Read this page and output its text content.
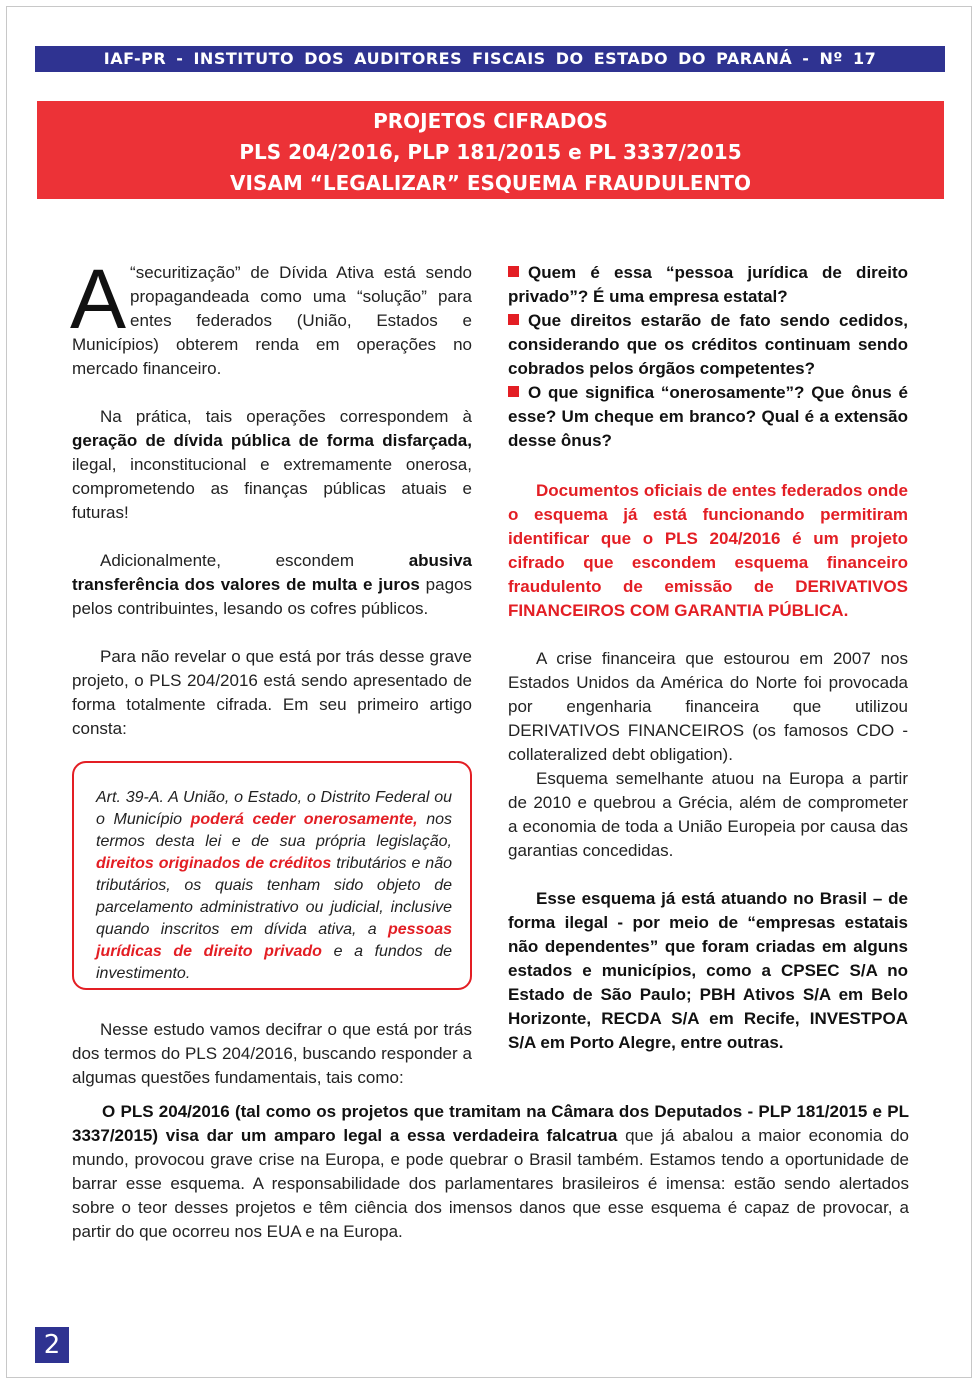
IAF-PR - INSTITUTO DOS AUDITORES FISCAIS DO ESTADO DO PARANÁ - Nº 17
PROJETOS CIFRADOS
PLS 204/2016, PLP 181/2015 e PL 3337/2015
VISAM “LEGALIZAR” ESQUEMA FRAUDULENTO

A “securitização” de Dívida Ativa está sendo propagandeada como uma “solução” para entes federados (União, Estados e Municípios) obterem renda em operações no mercado financeiro.

Na prática, tais operações correspondem à geração de dívida pública de forma disfarçada, ilegal, inconstitucional e extremamente onerosa, comprometendo as finanças públicas atuais e futuras!

Adicionalmente, escondem abusiva transferência dos valores de multa e juros pagos pelos contribuintes, lesando os cofres públicos.

Para não revelar o que está por trás desse grave projeto, o PLS 204/2016 está sendo apresentado de forma totalmente cifrada. Em seu primeiro artigo consta:

Art. 39-A. A União, o Estado, o Distrito Federal ou o Município poderá ceder onerosamente, nos termos desta lei e de sua própria legislação, direitos originados de créditos tributários e não tributários, os quais tenham sido objeto de parcelamento administrativo ou judicial, inclusive quando inscritos em dívida ativa, a pessoas jurídicas de direito privado e a fundos de investimento.

Nesse estudo vamos decifrar o que está por trás dos termos do PLS 204/2016, buscando responder a algumas questões fundamentais, tais como:

Quem é essa “pessoa jurídica de direito privado”? É uma empresa estatal?

Que direitos estarão de fato sendo cedidos, considerando que os créditos continuam sendo cobrados pelos órgãos competentes?

O que significa “onerosamente”? Que ônus é esse? Um cheque em branco? Qual é a extensão desse ônus?

Documentos oficiais de entes federados onde o esquema já está funcionando permitiram identificar que o PLS 204/2016 é um projeto cifrado que escondem esquema financeiro fraudulento de emissão de DERIVATIVOS FINANCEIROS COM GARANTIA PÚBLICA.

A crise financeira que estourou em 2007 nos Estados Unidos da América do Norte foi provocada por engenharia financeira que utilizou DERIVATIVOS FINANCEIROS (os famosos CDO - collateralized debt obligation).

Esquema semelhante atuou na Europa a partir de 2010 e quebrou a Grécia, além de comprometer a economia de toda a União Europeia por causa das garantias concedidas.

Esse esquema já está atuando no Brasil – de forma ilegal - por meio de “empresas estatais não dependentes” que foram criadas em alguns estados e municípios, como a CPSEC S/A no Estado de São Paulo; PBH Ativos S/A em Belo Horizonte, RECDA S/A em Recife, INVESTPOA S/A em Porto Alegre, entre outras.

O PLS 204/2016 (tal como os projetos que tramitam na Câmara dos Deputados - PLP 181/2015 e PL 3337/2015) visa dar um amparo legal a essa verdadeira falcatrua que já abalou a maior economia do mundo, provocou grave crise na Europa, e pode quebrar o Brasil também. Estamos tendo a oportunidade de barrar esse esquema. A responsabilidade dos parlamentares brasileiros é imensa: estão sendo alertados sobre o teor desses projetos e têm ciência dos imensos danos que esse esquema é capaz de provocar, a partir do que ocorreu nos EUA e na Europa.

2
